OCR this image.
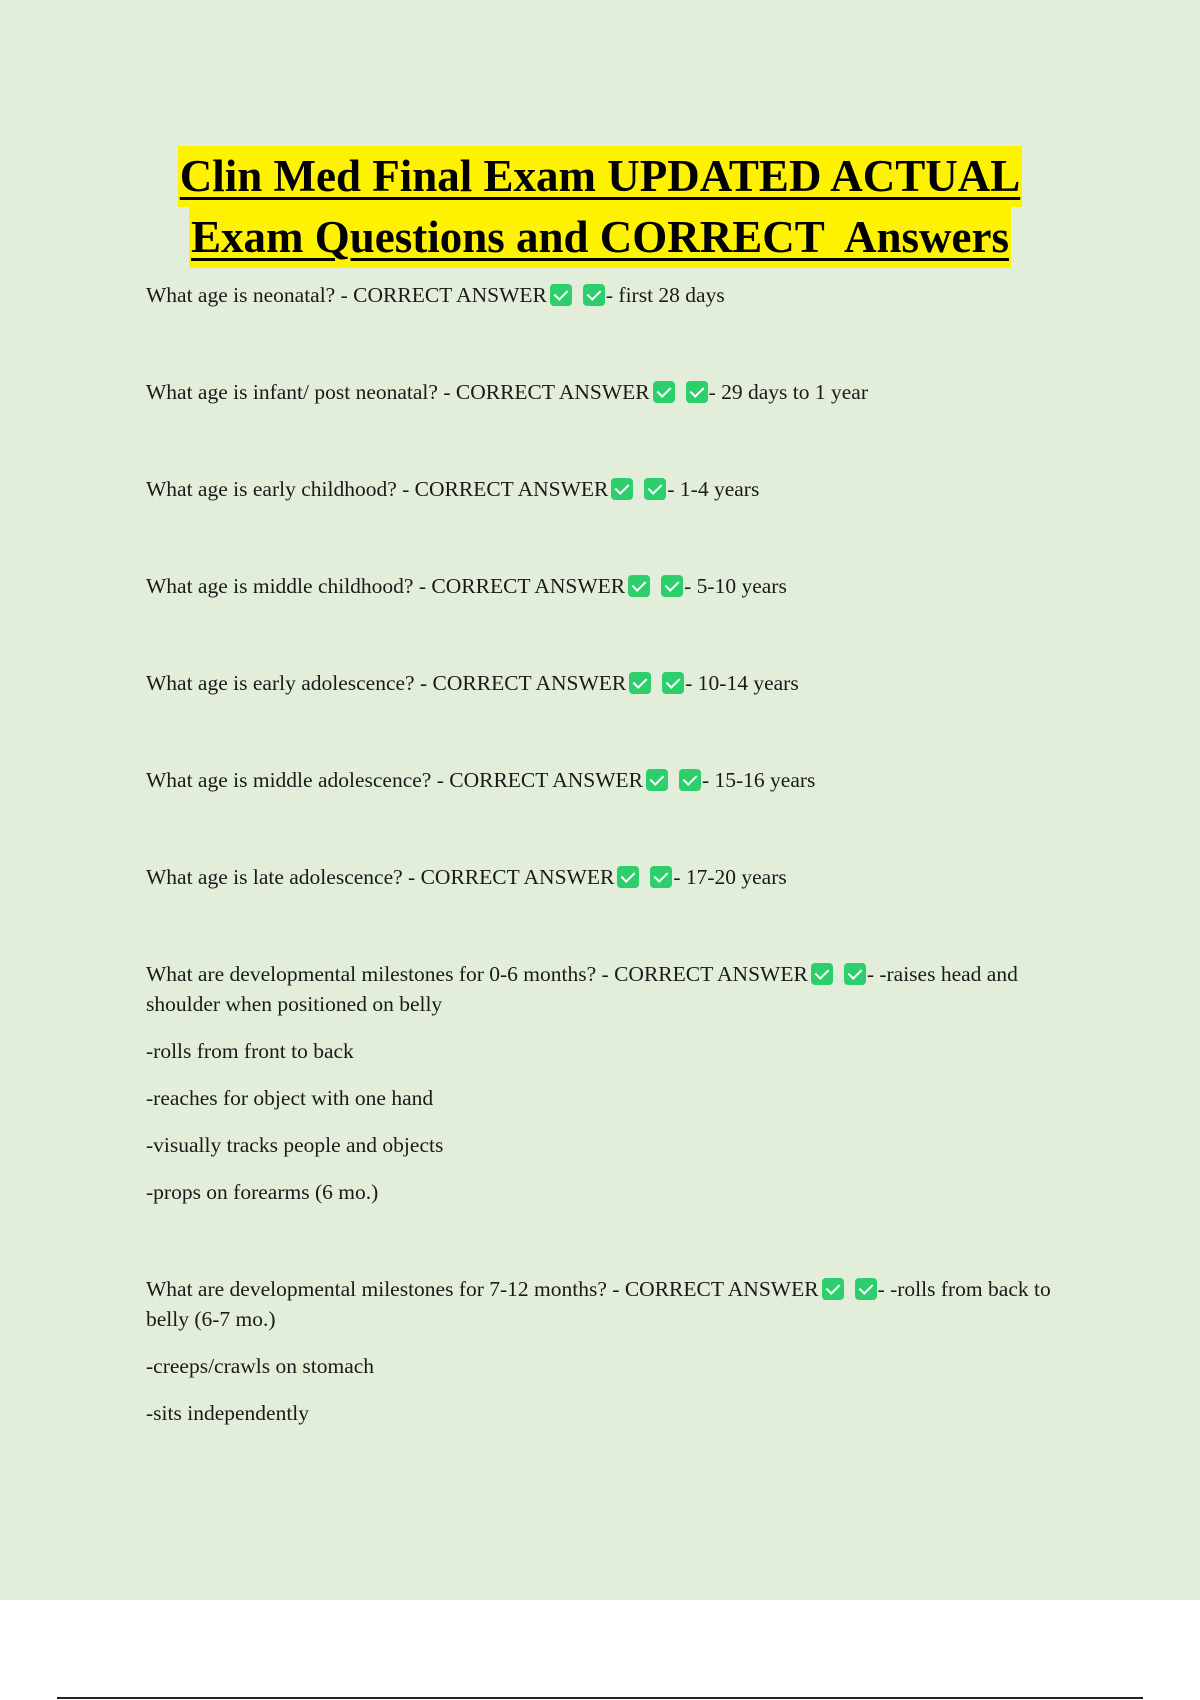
Clin Med Final Exam UPDATED ACTUAL
Exam Questions and CORRECT  Answers

What age is neonatal? - CORRECT ANSWER	- first 28 days

What age is infant/ post neonatal? - CORRECT ANSWER	- 29 days to 1 year

What age is early childhood? - CORRECT ANSWER	- 1-4 years

What age is middle childhood? - CORRECT ANSWER	- 5-10 years

What age is early adolescence? - CORRECT ANSWER	- 10-14 years

What age is middle adolescence? - CORRECT ANSWER	- 15-16 years

What age is late adolescence? - CORRECT ANSWER	- 17-20 years

What are developmental milestones for 0-6 months? - CORRECT ANSWER	- -raises head and shoulder when positioned on belly

-rolls from front to back

-reaches for object with one hand

-visually tracks people and objects

-props on forearms (6 mo.)

What are developmental milestones for 7-12 months? - CORRECT ANSWER	- -rolls from back to belly (6-7 mo.)

-creeps/crawls on stomach

-sits independently
